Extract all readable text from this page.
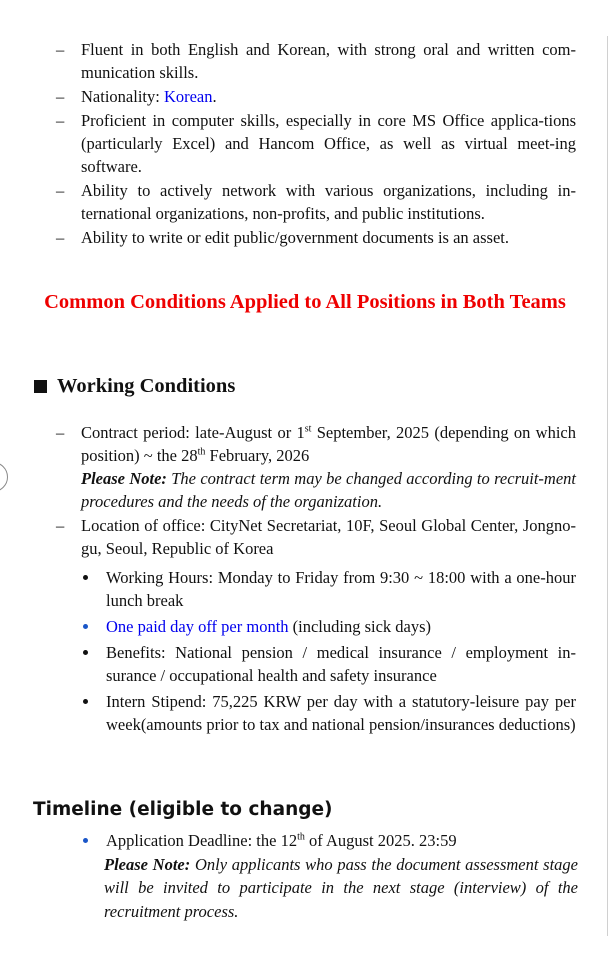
–	Fluent in both English and Korean, with strong oral and written com-munication skills.
–	Nationality: Korean.
–	Proficient in computer skills, especially in core MS Office applica-tions (particularly Excel) and Hancom Office, as well as virtual meet-ing software.
–	Ability to actively network with various organizations, including in-ternational organizations, non-profits, and public institutions.
–	Ability to write or edit public/government documents is an asset.
Common Conditions Applied to All Positions in Both Teams
Working Conditions
–	Contract period: late-August or 1st September, 2025 (depending on which position) ~ the 28th February, 2026
Please Note: The contract term may be changed according to recruit-ment procedures and the needs of the organization.
–	Location of office: CityNet Secretariat, 10F, Seoul Global Center, Jongno-gu, Seoul, Republic of Korea
Working Hours: Monday to Friday from 9:30 ~ 18:00 with a one-hour lunch break
One paid day off per month (including sick days)
Benefits: National pension / medical insurance / employment in-surance / occupational health and safety insurance
Intern Stipend: 75,225 KRW per day with a statutory-leisure pay per week(amounts prior to tax and national pension/insurances deductions)
Timeline (eligible to change)
Application Deadline: the 12th of August 2025. 23:59
Please Note: Only applicants who pass the document assessment stage will be invited to participate in the next stage (interview) of the recruitment process.
